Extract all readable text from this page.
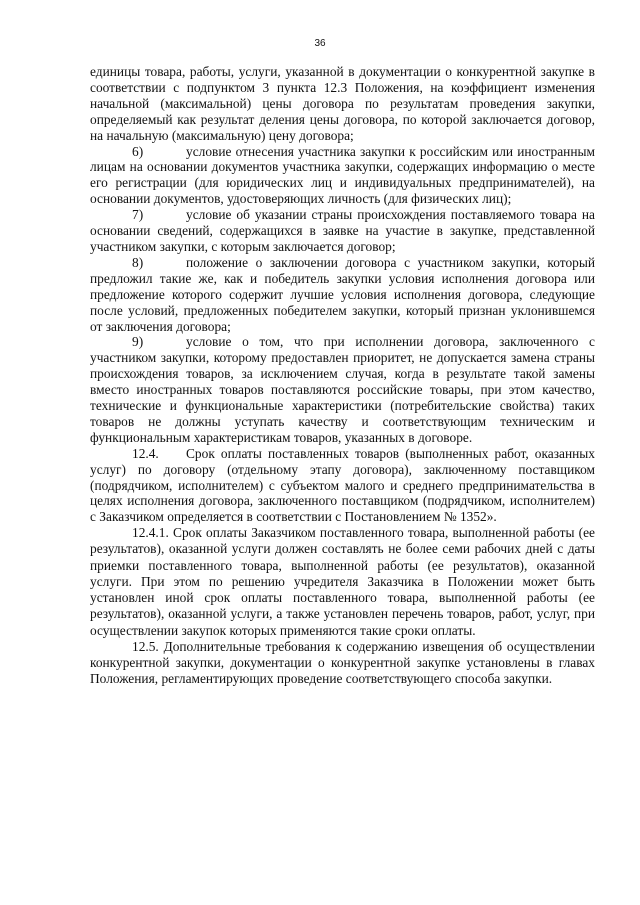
36

единицы товара, работы, услуги, указанной в документации о конкурентной закупке в соответствии с подпунктом 3 пункта 12.3 Положения, на коэффициент изменения начальной (максимальной) цены договора по результатам проведения закупки, определяемый как результат деления цены договора, по которой заключается договор, на начальную (максимальную) цену договора;

6)	условие отнесения участника закупки к российским или иностранным лицам на основании документов участника закупки, содержащих информацию о месте его регистрации (для юридических лиц и индивидуальных предпринимателей), на основании документов, удостоверяющих личность (для физических лиц);

7)	условие об указании страны происхождения поставляемого товара на основании сведений, содержащихся в заявке на участие в закупке, представленной участником закупки, с которым заключается договор;

8)	положение о заключении договора с участником закупки, который предложил такие же, как и победитель закупки условия исполнения договора или предложение которого содержит лучшие условия исполнения договора, следующие после условий, предложенных победителем закупки, который признан уклонившемся от заключения договора;

9)	условие о том, что при исполнении договора, заключенного с участником закупки, которому предоставлен приоритет, не допускается замена страны происхождения товаров, за исключением случая, когда в результате такой замены вместо иностранных товаров поставляются российские товары, при этом качество, технические и функциональные характеристики (потребительские свойства) таких товаров не должны уступать качеству и соответствующим техническим и функциональным характеристикам товаров, указанных в договоре.

12.4. Срок оплаты поставленных товаров (выполненных работ, оказанных услуг) по договору (отдельному этапу договора), заключенному поставщиком (подрядчиком, исполнителем) с субъектом малого и среднего предпринимательства в целях исполнения договора, заключенного поставщиком (подрядчиком, исполнителем) с Заказчиком определяется в соответствии с Постановлением № 1352».

12.4.1. Срок оплаты Заказчиком поставленного товара, выполненной работы (ее результатов), оказанной услуги должен составлять не более семи рабочих дней с даты приемки поставленного товара, выполненной работы (ее результатов), оказанной услуги. При этом по решению учредителя Заказчика в Положении может быть установлен иной срок оплаты поставленного товара, выполненной работы (ее результатов), оказанной услуги, а также установлен перечень товаров, работ, услуг, при осуществлении закупок которых применяются такие сроки оплаты.

12.5. Дополнительные требования к содержанию извещения об осуществлении конкурентной закупки, документации о конкурентной закупке установлены в главах Положения, регламентирующих проведение соответствующего способа закупки.
